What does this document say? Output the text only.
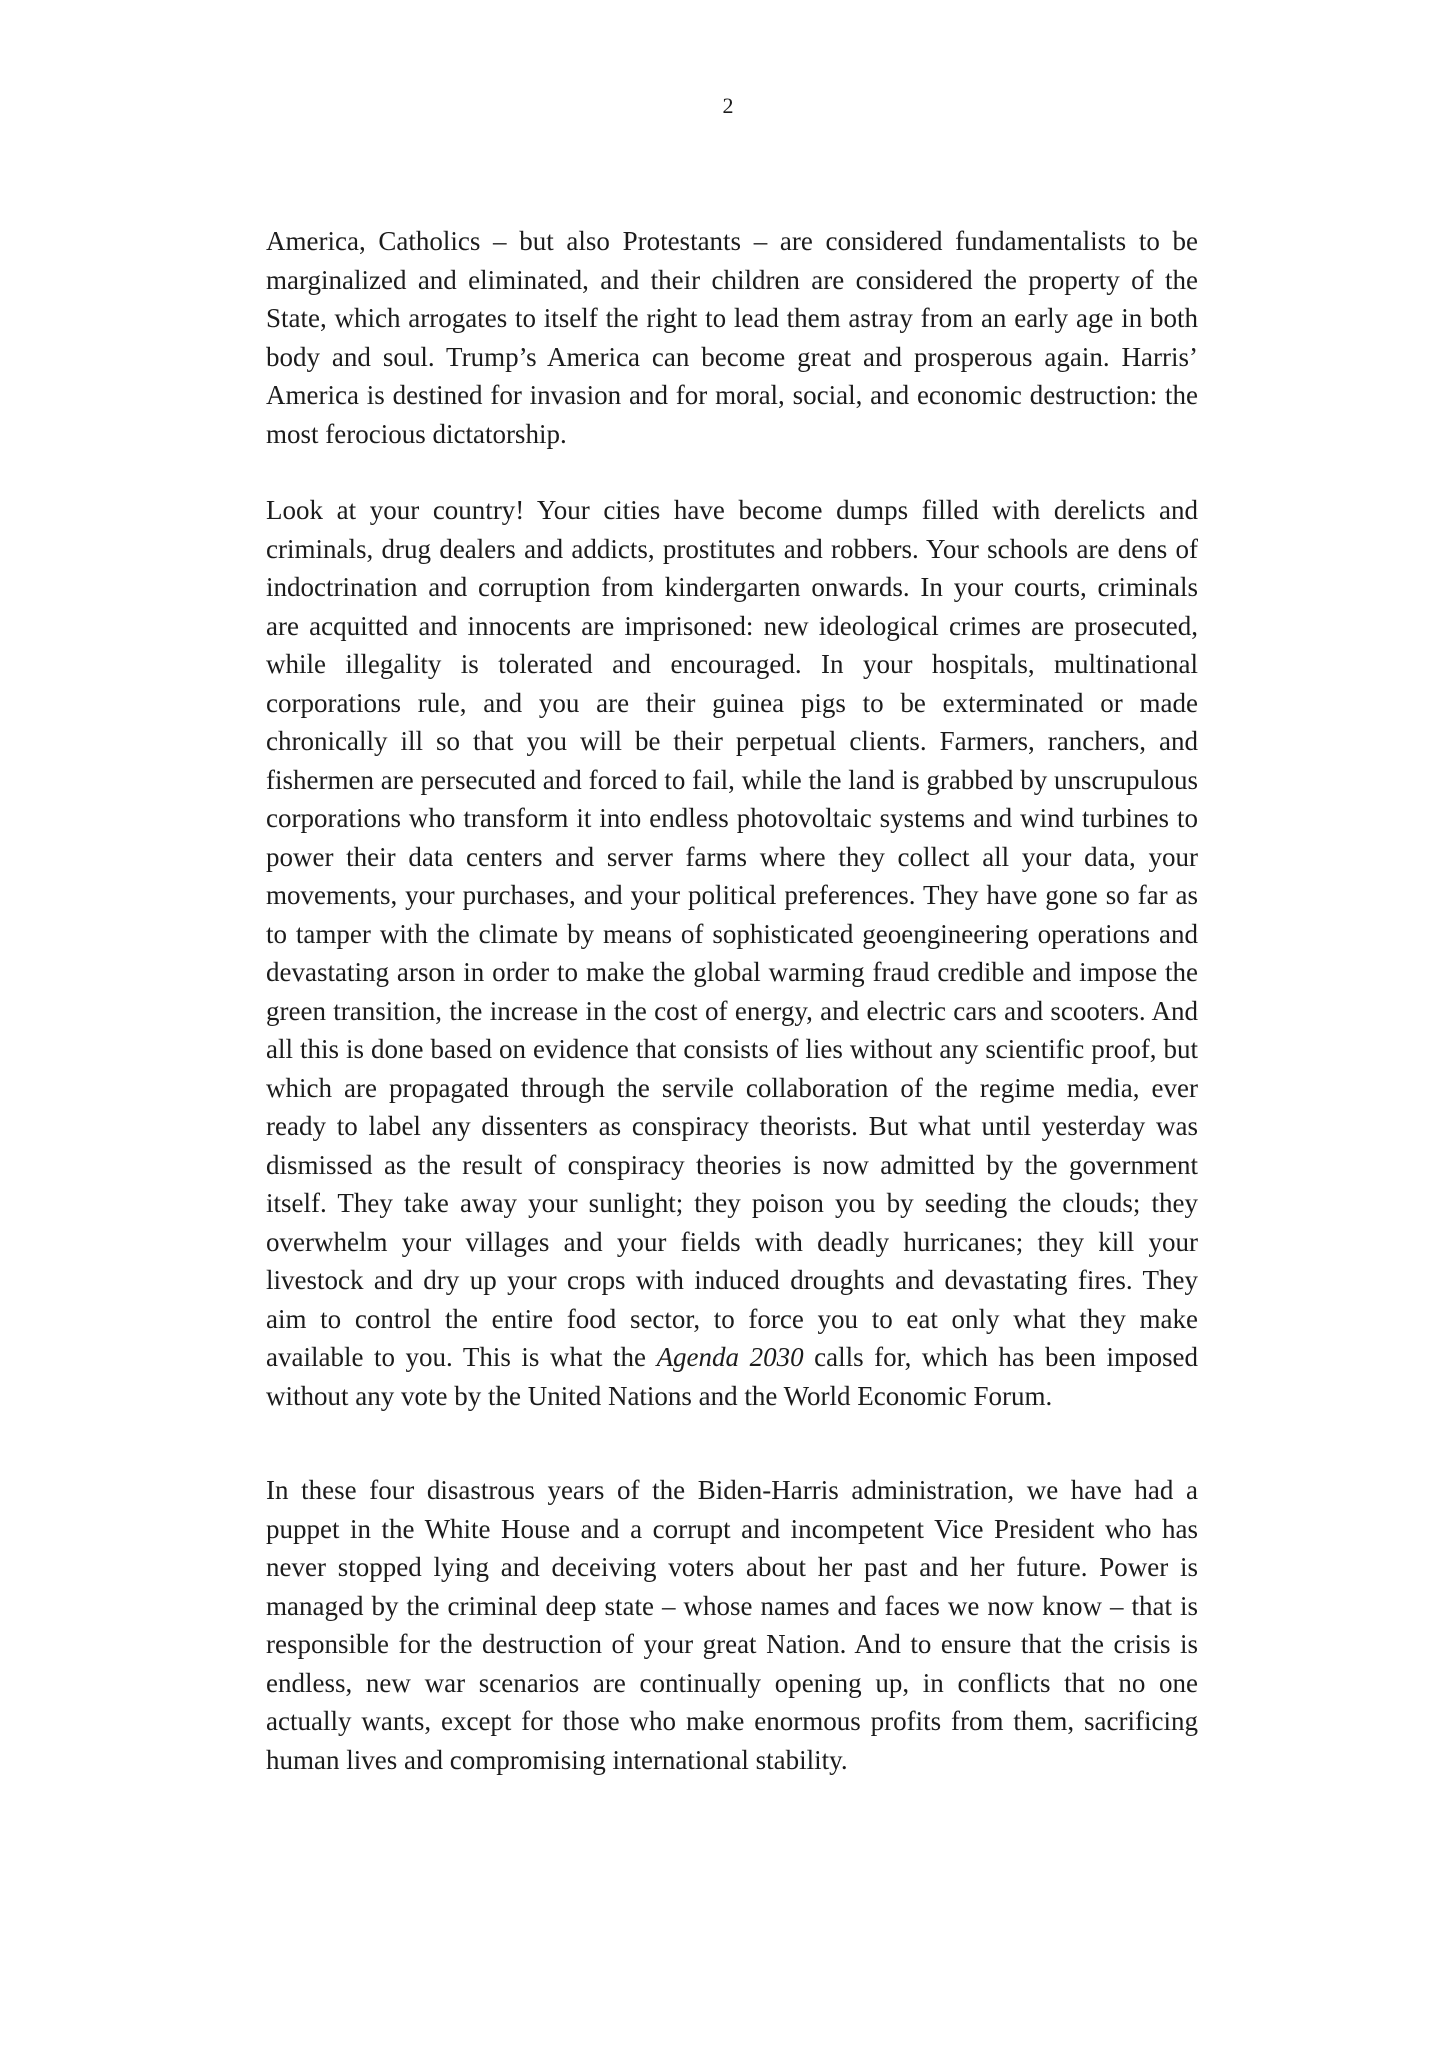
2

America, Catholics – but also Protestants – are considered fundamentalists to be marginalized and eliminated, and their children are considered the property of the State, which arrogates to itself the right to lead them astray from an early age in both body and soul. Trump’s America can become great and prosperous again. Harris’ America is destined for invasion and for moral, social, and economic destruction: the most ferocious dictatorship.

Look at your country! Your cities have become dumps filled with derelicts and criminals, drug dealers and addicts, prostitutes and robbers. Your schools are dens of indoctrination and corruption from kindergarten onwards. In your courts, criminals are acquitted and innocents are imprisoned: new ideological crimes are prosecuted, while illegality is tolerated and encouraged. In your hospitals, multinational corporations rule, and you are their guinea pigs to be exterminated or made chronically ill so that you will be their perpetual clients. Farmers, ranchers, and fishermen are persecuted and forced to fail, while the land is grabbed by unscrupulous corporations who transform it into endless photovoltaic systems and wind turbines to power their data centers and server farms where they collect all your data, your movements, your purchases, and your political preferences. They have gone so far as to tamper with the climate by means of sophisticated geoengineering operations and devastating arson in order to make the global warming fraud credible and impose the green transition, the increase in the cost of energy, and electric cars and scooters. And all this is done based on evidence that consists of lies without any scientific proof, but which are propagated through the servile collaboration of the regime media, ever ready to label any dissenters as conspiracy theorists. But what until yesterday was dismissed as the result of conspiracy theories is now admitted by the government itself. They take away your sunlight; they poison you by seeding the clouds; they overwhelm your villages and your fields with deadly hurricanes; they kill your livestock and dry up your crops with induced droughts and devastating fires. They aim to control the entire food sector, to force you to eat only what they make available to you. This is what the Agenda 2030 calls for, which has been imposed without any vote by the United Nations and the World Economic Forum.

In these four disastrous years of the Biden-Harris administration, we have had a puppet in the White House and a corrupt and incompetent Vice President who has never stopped lying and deceiving voters about her past and her future. Power is managed by the criminal deep state – whose names and faces we now know – that is responsible for the destruction of your great Nation. And to ensure that the crisis is endless, new war scenarios are continually opening up, in conflicts that no one actually wants, except for those who make enormous profits from them, sacrificing human lives and compromising international stability.
